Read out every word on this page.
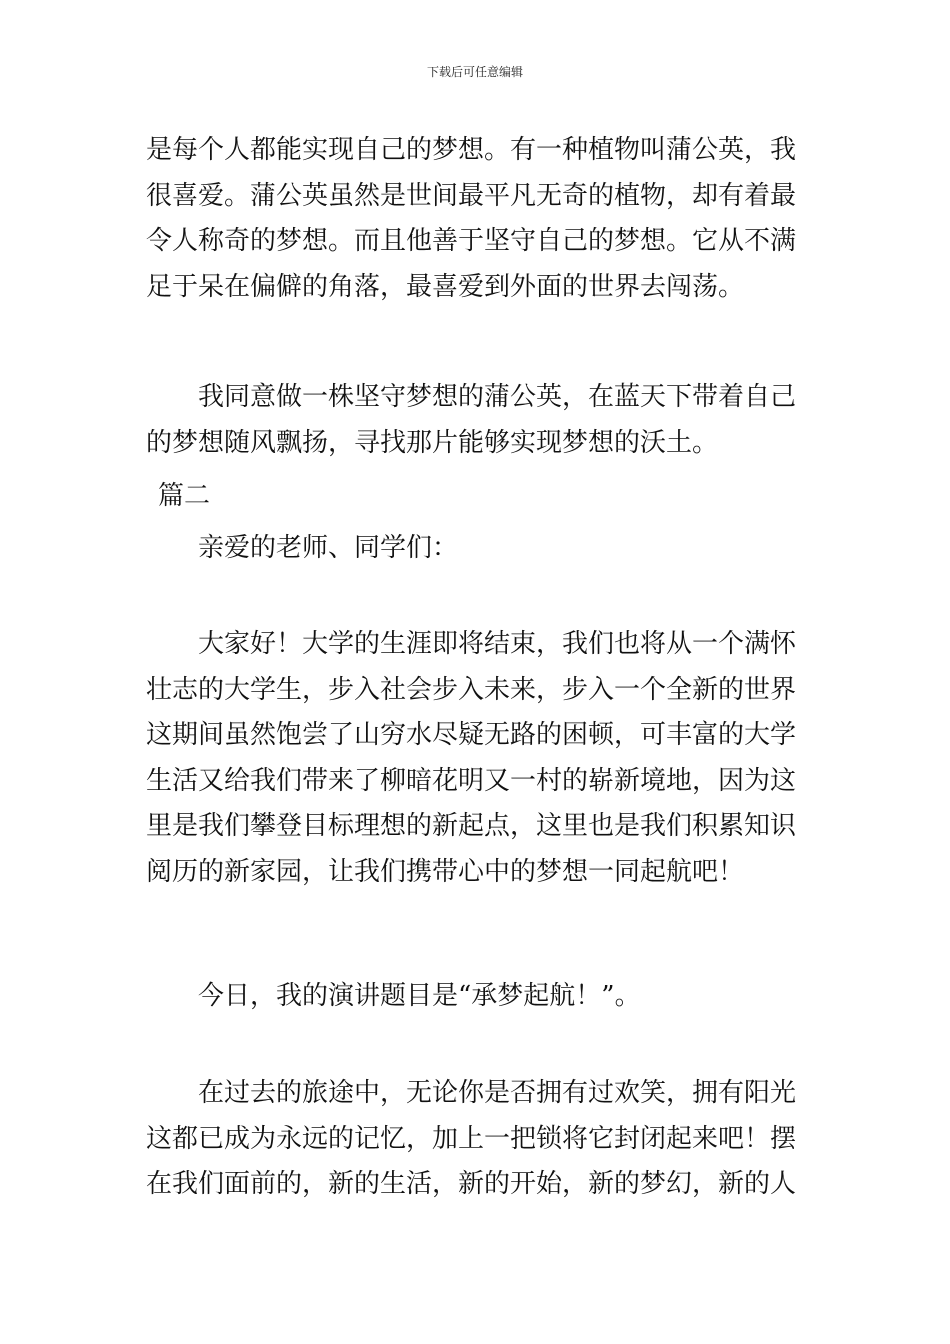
下载后可任意编辑
是每个人都能实现自己的梦想。有一种植物叫蒲公英，我
很喜爱。蒲公英虽然是世间最平凡无奇的植物，却有着最
令人称奇的梦想。而且他善于坚守自己的梦想。它从不满
足于呆在偏僻的角落，最喜爱到外面的世界去闯荡。
我同意做一株坚守梦想的蒲公英，在蓝天下带着自己
的梦想随风飘扬，寻找那片能够实现梦想的沃土。
篇二
亲爱的老师、同学们：
大家好！大学的生涯即将结束，我们也将从一个满怀
壮志的大学生，步入社会步入未来，步入一个全新的世界
这期间虽然饱尝了山穷水尽疑无路的困顿，可丰富的大学
生活又给我们带来了柳暗花明又一村的崭新境地，因为这
里是我们攀登目标理想的新起点，这里也是我们积累知识
阅历的新家园，让我们携带心中的梦想一同起航吧！
今日，我的演讲题目是“承梦起航！”。
在过去的旅途中，无论你是否拥有过欢笑，拥有阳光
这都已成为永远的记忆，加上一把锁将它封闭起来吧！摆
在我们面前的，新的生活，新的开始，新的梦幻，新的人
